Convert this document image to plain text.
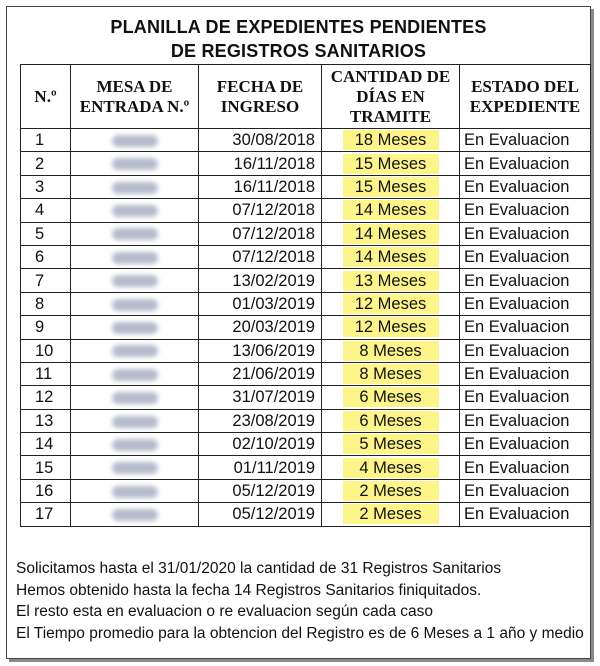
PLANILLA DE EXPEDIENTES PENDIENTES
DE REGISTROS SANITARIOS
N.º	MESA DE ENTRADA N.º	FECHA DE INGRESO	CANTIDAD DE DÍAS EN TRAMITE	ESTADO DEL EXPEDIENTE
1		30/08/2018	18 Meses	En Evaluacion
2		16/11/2018	15 Meses	En Evaluacion
3		16/11/2018	15 Meses	En Evaluacion
4		07/12/2018	14 Meses	En Evaluacion
5		07/12/2018	14 Meses	En Evaluacion
6		07/12/2018	14 Meses	En Evaluacion
7		13/02/2019	13 Meses	En Evaluacion
8		01/03/2019	12 Meses	En Evaluacion
9		20/03/2019	12 Meses	En Evaluacion
10		13/06/2019	8 Meses	En Evaluacion
11		21/06/2019	8 Meses	En Evaluacion
12		31/07/2019	6 Meses	En Evaluacion
13		23/08/2019	6 Meses	En Evaluacion
14		02/10/2019	5 Meses	En Evaluacion
15		01/11/2019	4 Meses	En Evaluacion
16		05/12/2019	2 Meses	En Evaluacion
17		05/12/2019	2 Meses	En Evaluacion
Solicitamos hasta el 31/01/2020 la cantidad de 31 Registros Sanitarios
Hemos obtenido hasta la fecha 14 Registros Sanitarios finiquitados.
El resto esta en evaluacion o re evaluacion según cada caso
El Tiempo promedio para la obtencion del Registro es de 6 Meses a 1 año y medio
